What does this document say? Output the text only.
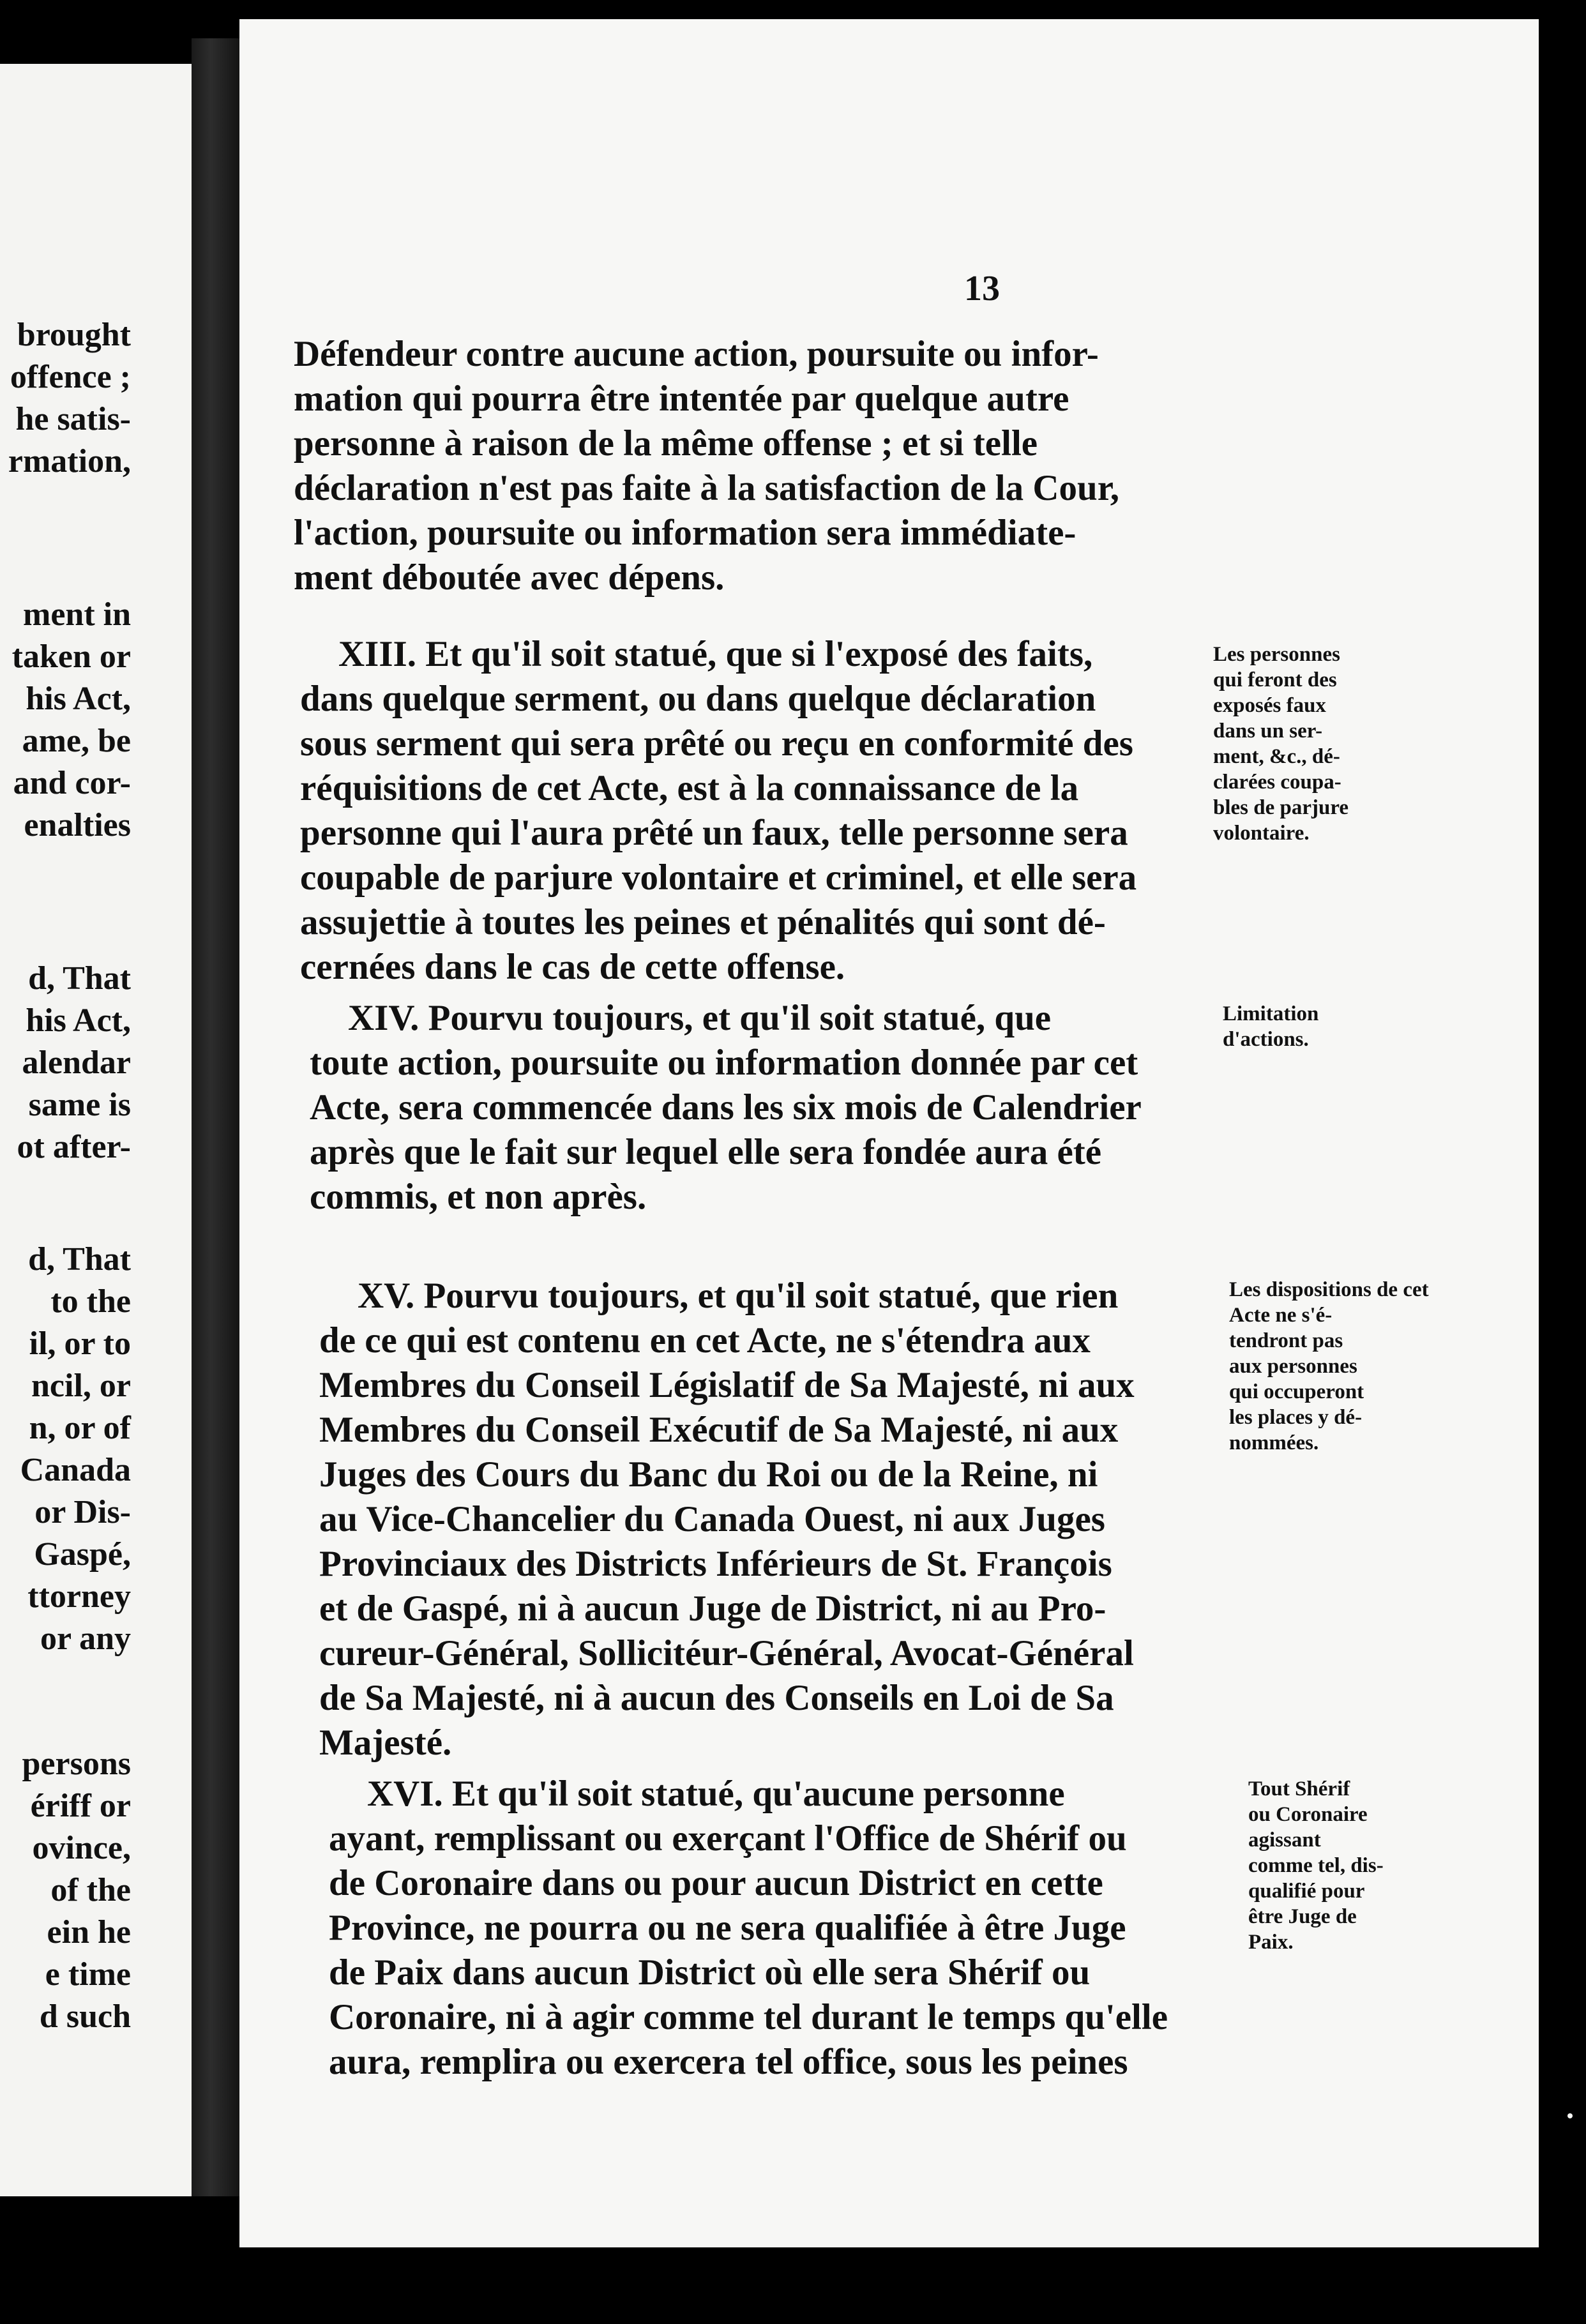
brought
offence ;
he satis-
rmation,
ment in
taken or
his Act,
ame, be
and cor-
enalties
d, That
his Act,
alendar
same is
ot after-
d, That
to the
il, or to
ncil, or
n, or of
Canada
or Dis-
Gaspé,
ttorney
or any
persons
ériff or
ovince,
of the
ein he
e time
d such
13
Défendeur contre aucune action, poursuite ou infor-
mation qui pourra être intentée par quelque autre
personne à raison de la même offense ; et si telle
déclaration n'est pas faite à la satisfaction de la Cour,
l'action, poursuite ou information sera immédiate-
ment déboutée avec dépens.
XIII. Et qu'il soit statué, que si l'exposé des faits,
dans quelque serment, ou dans quelque déclaration
sous serment qui sera prêté ou reçu en conformité des
réquisitions de cet Acte, est à la connaissance de la
personne qui l'aura prêté un faux, telle personne sera
coupable de parjure volontaire et criminel, et elle sera
assujettie à toutes les peines et pénalités qui sont dé-
cernées dans le cas de cette offense.
Les personnes
qui feront des
exposés faux
dans un ser-
ment, &c., dé-
clarées coupa-
bles de parjure
volontaire.
XIV. Pourvu toujours, et qu'il soit statué, que
toute action, poursuite ou information donnée par cet
Acte, sera commencée dans les six mois de Calendrier
après que le fait sur lequel elle sera fondée aura été
commis, et non après.
Limitation
d'actions.
XV. Pourvu toujours, et qu'il soit statué, que rien
de ce qui est contenu en cet Acte, ne s'étendra aux
Membres du Conseil Législatif de Sa Majesté, ni aux
Membres du Conseil Exécutif de Sa Majesté, ni aux
Juges des Cours du Banc du Roi ou de la Reine, ni
au Vice-Chancelier du Canada Ouest, ni aux Juges
Provinciaux des Districts Inférieurs de St. François
et de Gaspé, ni à aucun Juge de District, ni au Pro-
cureur-Général, Sollicitéur-Général, Avocat-Général
de Sa Majesté, ni à aucun des Conseils en Loi de Sa
Majesté.
Les dispositions de cet
Acte ne s'é-
tendront pas
aux personnes
qui occuperont
les places y dé-
nommées.
XVI. Et qu'il soit statué, qu'aucune personne
ayant, remplissant ou exerçant l'Office de Shérif ou
de Coronaire dans ou pour aucun District en cette
Province, ne pourra ou ne sera qualifiée à être Juge
de Paix dans aucun District où elle sera Shérif ou
Coronaire, ni à agir comme tel durant le temps qu'elle
aura, remplira ou exercera tel office, sous les peines
Tout Shérif
ou Coronaire
agissant
comme tel, dis-
qualifié pour
être Juge de
Paix.
